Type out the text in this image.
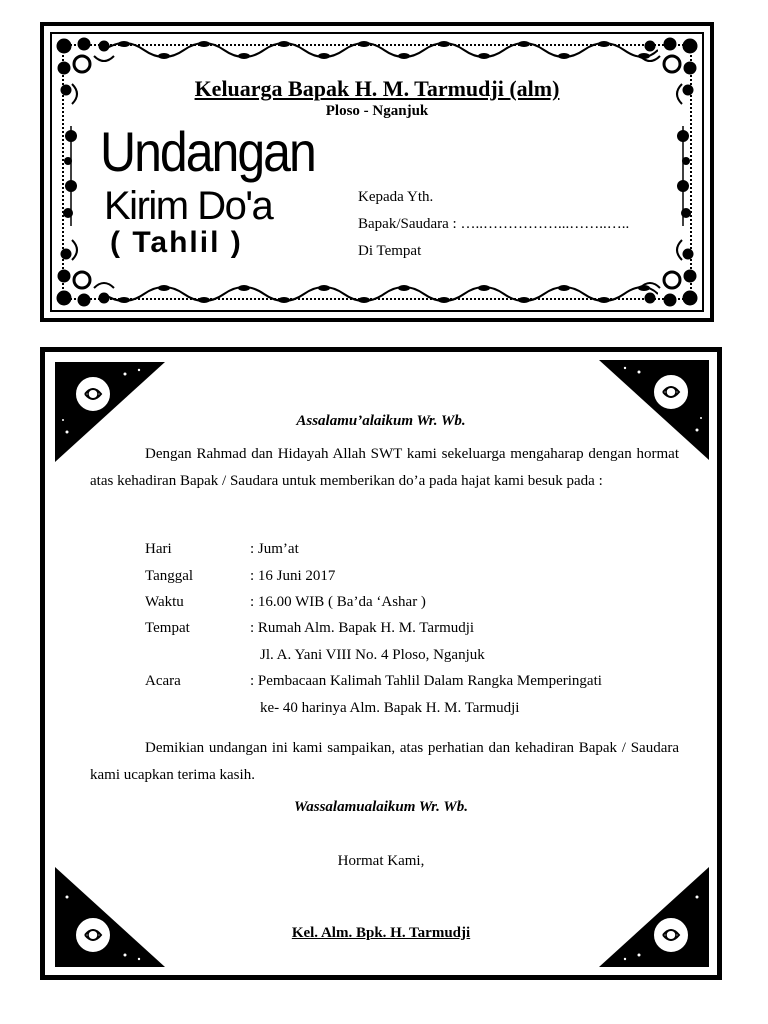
Keluarga Bapak H. M. Tarmudji (alm)
Ploso - Nganjuk
Undangan
Kirim Do'a
( Tahlil )
Kepada Yth.
Bapak/Saudara : …..……………...……..…..
Di Tempat
Assalamu’alaikum Wr. Wb.

Dengan Rahmad dan Hidayah Allah SWT kami sekeluarga mengaharap dengan hormat atas kehadiran Bapak / Saudara untuk memberikan do’a pada hajat kami besuk pada :

Hari	: Jum’at
Tanggal	: 16 Juni 2017
Waktu	: 16.00 WIB ( Ba’da ‘Ashar )
Tempat	: Rumah Alm. Bapak H. M. Tarmudji
Jl. A. Yani VIII No. 4 Ploso, Nganjuk
Acara	: Pembacaan Kalimah Tahlil Dalam Rangka Memperingati
ke- 40 harinya Alm. Bapak H. M. Tarmudji

Demikian undangan ini kami sampaikan, atas perhatian dan kehadiran Bapak / Saudara kami ucapkan terima kasih.

Wassalamualaikum Wr. Wb.
Hormat Kami,
Kel. Alm. Bpk. H. Tarmudji
